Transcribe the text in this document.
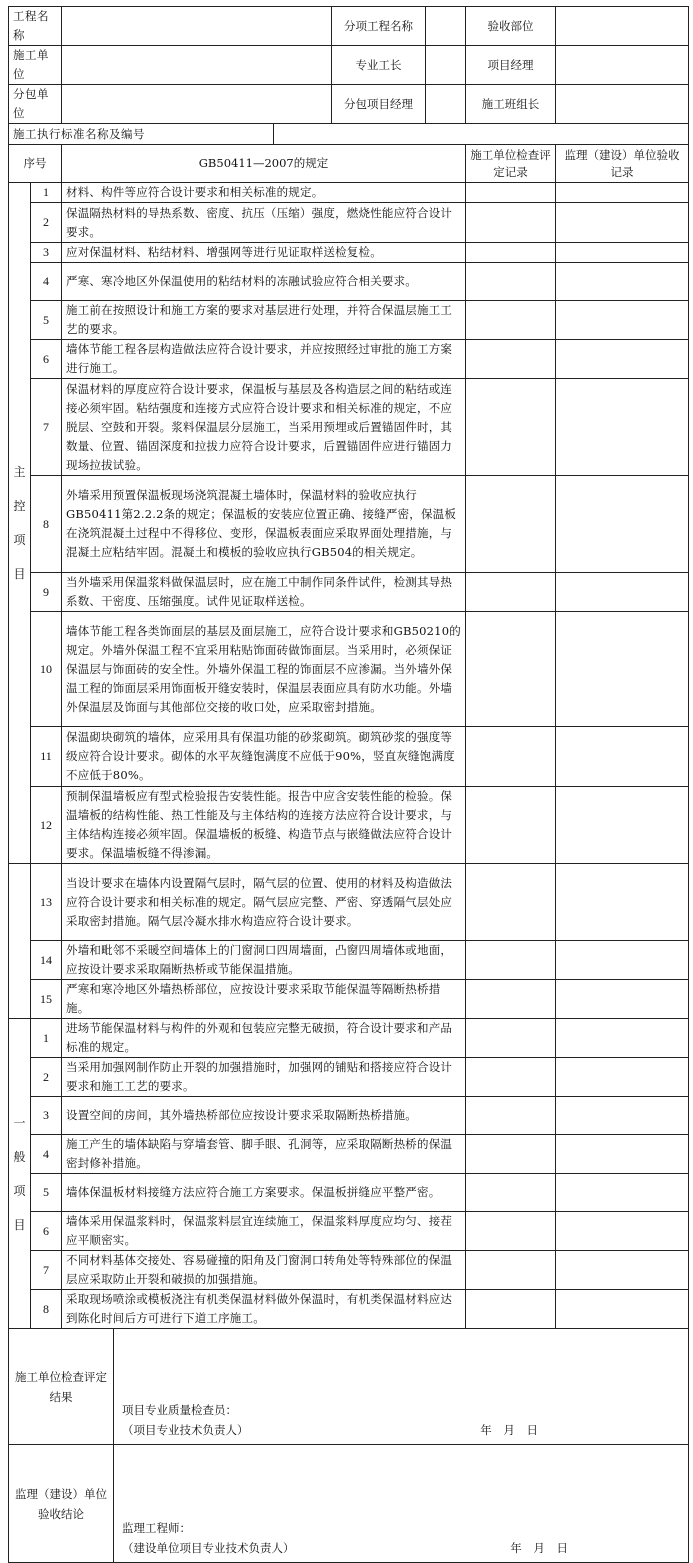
工程名称					分项工程名称		验收部位	
施工单位					专业工长		项目经理	
分包单位					分包项目经理		施工班组长	
施工执行标准名称及编号								
序号		GB50411—2007的规定					施工单位检查评定记录	监理（建设）单位验收记录
主
控
项
目	1	材料、构件等应符合设计要求和相关标准的规定。						
	2	保温隔热材料的导热系数、密度、抗压（压缩）强度，燃烧性能应符合设计要求。						
	3	应对保温材料、粘结材料、增强网等进行见证取样送检复检。						
	4	严寒、寒冷地区外保温使用的粘结材料的冻融试验应符合相关要求。						
	5	施工前在按照设计和施工方案的要求对基层进行处理，并符合保温层施工工艺的要求。						
	6	墙体节能工程各层构造做法应符合设计要求，并应按照经过审批的施工方案进行施工。						
	7	保温材料的厚度应符合设计要求，保温板与基层及各构造层之间的粘结或连接必须牢固。粘结强度和连接方式应符合设计要求和相关标准的规定，不应脱层、空鼓和开裂。浆料保温层分层施工，当采用预埋或后置锚固件时，其数量、位置、锚固深度和拉拔力应符合设计要求，后置锚固件应进行锚固力现场拉拔试验。						
	8	外墙采用预置保温板现场浇筑混凝土墙体时，保温材料的验收应执行GB50411第2.2.2条的规定；保温板的安装应位置正确、接缝严密，保温板在浇筑混凝土过程中不得移位、变形，保温板表面应采取界面处理措施，与混凝土应粘结牢固。混凝土和模板的验收应执行GB504的相关规定。						
	9	当外墙采用保温浆料做保温层时，应在施工中制作同条件试件，检测其导热系数、干密度、压缩强度。试件见证取样送检。						
	10	墙体节能工程各类饰面层的基层及面层施工，应符合设计要求和GB50210的规定。外墙外保温工程不宜采用粘贴饰面砖做饰面层。当采用时，必须保证保温层与饰面砖的安全性。外墙外保温工程的饰面层不应渗漏。当外墙外保温工程的饰面层采用饰面板开缝安装时，保温层表面应具有防水功能。外墙外保温层及饰面与其他部位交接的收口处，应采取密封措施。						
	11	保温砌块砌筑的墙体，应采用具有保温功能的砂浆砌筑。砌筑砂浆的强度等级应符合设计要求。砌体的水平灰缝饱满度不应低于90%，竖直灰缝饱满度不应低于80%。						
	12	预制保温墙板应有型式检验报告安装性能。报告中应含安装性能的检验。保温墙板的结构性能、热工性能及与主体结构的连接方法应符合设计要求，与主体结构连接必须牢固。保温墙板的板缝、构造节点与嵌缝做法应符合设计要求。保温墙板缝不得渗漏。						
	13	当设计要求在墙体内设置隔气层时，隔气层的位置、使用的材料及构造做法应符合设计要求和相关标准的规定。隔气层应完整、严密、穿透隔气层处应采取密封措施。隔气层冷凝水排水构造应符合设计要求。						
	14	外墙和毗邻不采暖空间墙体上的门窗洞口四周墙面，凸窗四周墙体或地面，应按设计要求采取隔断热桥或节能保温措施。						
	15	严寒和寒冷地区外墙热桥部位，应按设计要求采取节能保温等隔断热桥措施。						
一
般
项
目	1	进场节能保温材料与构件的外观和包装应完整无破损，符合设计要求和产品标准的规定。						
	2	当采用加强网制作防止开裂的加强措施时，加强网的铺贴和搭接应符合设计要求和施工工艺的要求。						
	3	设置空间的房间，其外墙热桥部位应按设计要求采取隔断热桥措施。						
	4	施工产生的墙体缺陷与穿墙套管、脚手眼、孔洞等，应采取隔断热桥的保温密封修补措施。						
	5	墙体保温板材料接缝方法应符合施工方案要求。保温板拼缝应平整严密。						
	6	墙体采用保温浆料时，保温浆料层宜连续施工，保温浆料厚度应均匀、接茬应平顺密实。						
	7	不同材料基体交接处、容易碰撞的阳角及门窗洞口转角处等特殊部位的保温层应采取防止开裂和破损的加强措施。						
	8	采取现场喷涂或模板浇注有机类保温材料做外保温时，有机类保温材料应达到陈化时间后方可进行下道工序施工。						
施工单位检查评定结果			项目专业质量检查员：
（项目专业技术负责人） 年 月 日					

监理（建设）单位验收结论			监理工程师：
（建设单位项目专业技术负责人） 年 月 日					
